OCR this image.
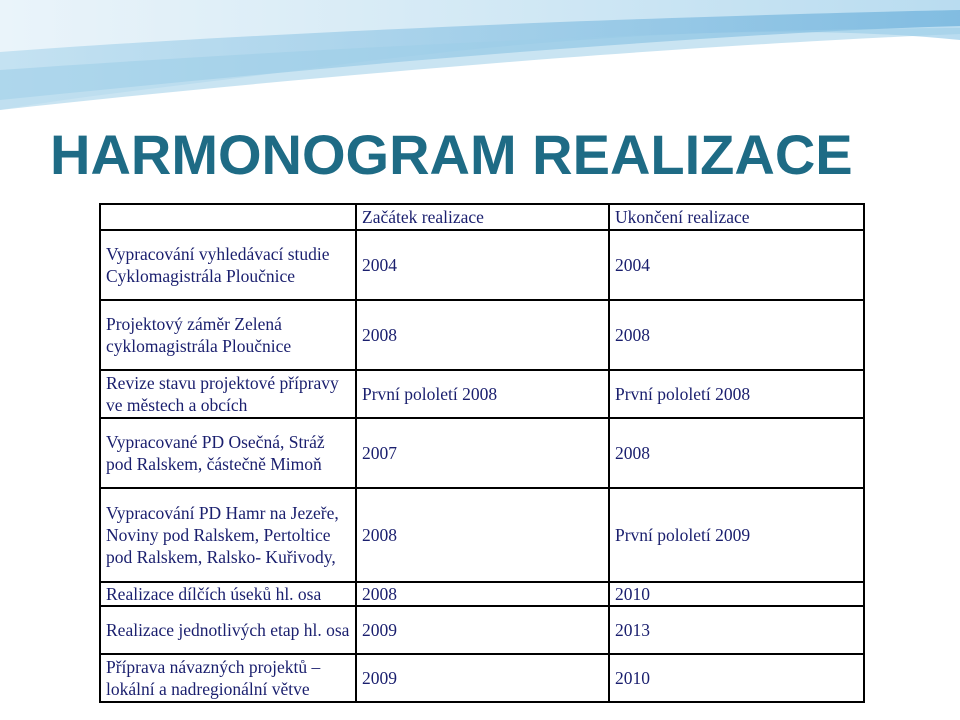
HARMONOGRAM REALIZACE
	Začátek realizace	Ukončení realizace
Vypracování vyhledávací studie Cyklomagistrála Ploučnice	2004	2004
Projektový záměr Zelená cyklomagistrála Ploučnice	2008	2008
Revize stavu projektové přípravy ve městech a obcích	První pololetí 2008	První pololetí 2008
Vypracované PD Osečná, Stráž pod Ralskem, částečně Mimoň	2007	2008
Vypracování PD Hamr na Jezeře, Noviny pod Ralskem, Pertoltice pod Ralskem, Ralsko- Kuřivody,	2008	První pololetí 2009
Realizace dílčích úseků hl. osa	2008	2010
Realizace jednotlivých etap hl. osa	2009	2013
Příprava návazných projektů – lokální a nadregionální větve	2009	2010
